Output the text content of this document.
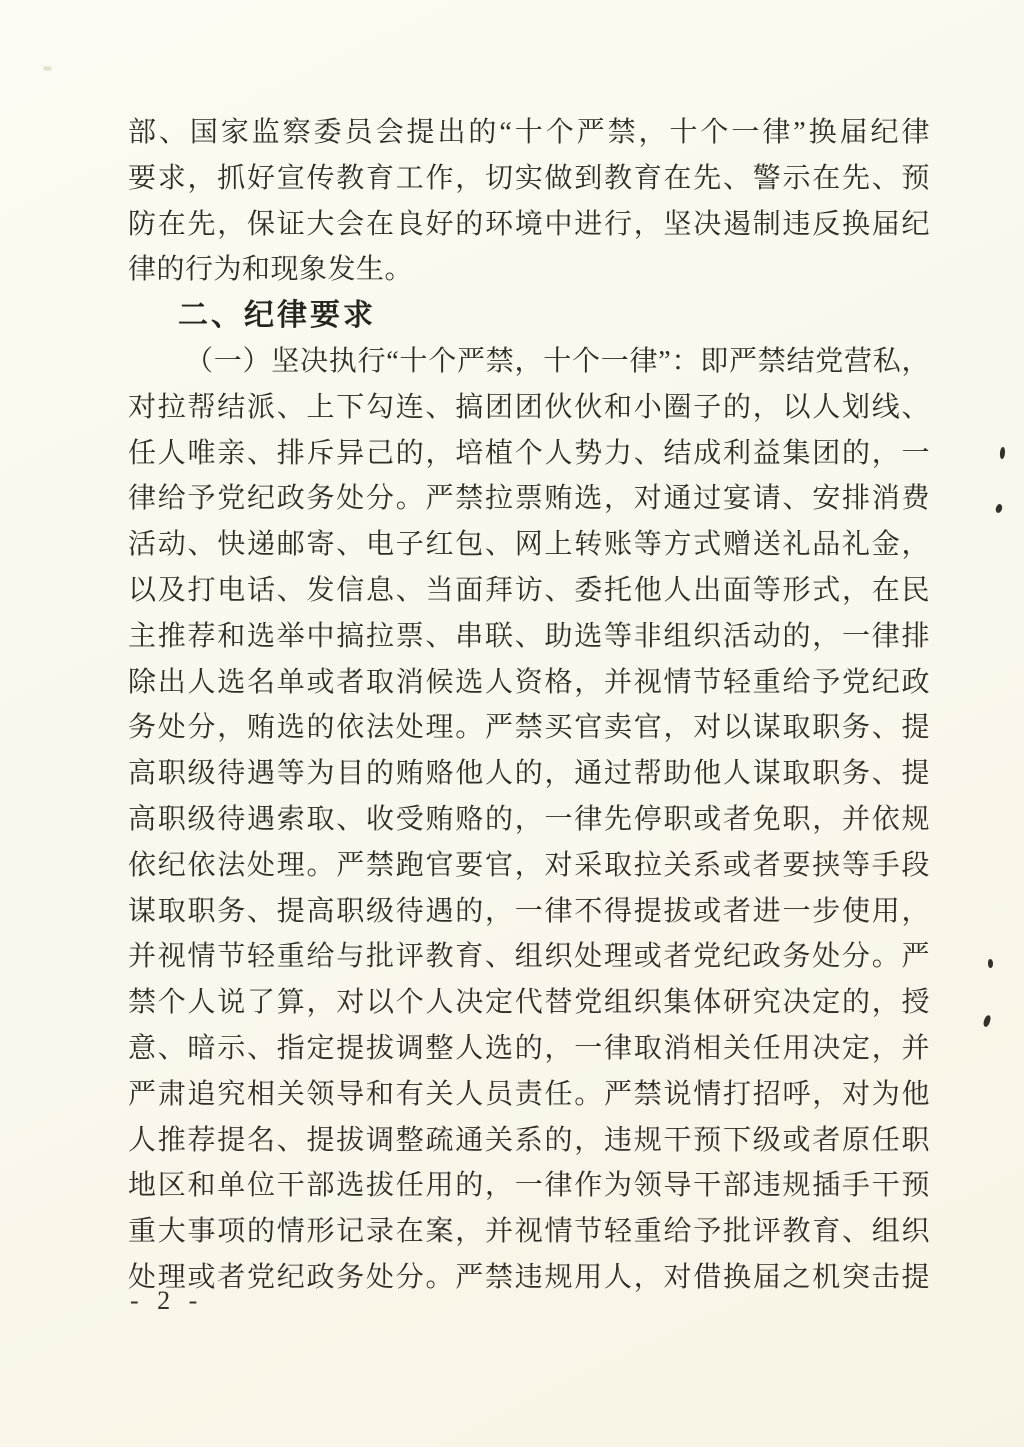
部、国家监察委员会提出的“十个严禁，十个一律”换届纪律
要求，抓好宣传教育工作，切实做到教育在先、警示在先、预
防在先，保证大会在良好的环境中进行，坚决遏制违反换届纪
律的行为和现象发生。
二、纪律要求
（一）坚决执行“十个严禁，十个一律”：即严禁结党营私，
对拉帮结派、上下勾连、搞团团伙伙和小圈子的，以人划线、
任人唯亲、排斥异己的，培植个人势力、结成利益集团的，一
律给予党纪政务处分。严禁拉票贿选，对通过宴请、安排消费
活动、快递邮寄、电子红包、网上转账等方式赠送礼品礼金，
以及打电话、发信息、当面拜访、委托他人出面等形式，在民
主推荐和选举中搞拉票、串联、助选等非组织活动的，一律排
除出人选名单或者取消候选人资格，并视情节轻重给予党纪政
务处分，贿选的依法处理。严禁买官卖官，对以谋取职务、提
高职级待遇等为目的贿赂他人的，通过帮助他人谋取职务、提
高职级待遇索取、收受贿赂的，一律先停职或者免职，并依规
依纪依法处理。严禁跑官要官，对采取拉关系或者要挟等手段
谋取职务、提高职级待遇的，一律不得提拔或者进一步使用，
并视情节轻重给与批评教育、组织处理或者党纪政务处分。严
禁个人说了算，对以个人决定代替党组织集体研究决定的，授
意、暗示、指定提拔调整人选的，一律取消相关任用决定，并
严肃追究相关领导和有关人员责任。严禁说情打招呼，对为他
人推荐提名、提拔调整疏通关系的，违规干预下级或者原任职
地区和单位干部选拔任用的，一律作为领导干部违规插手干预
重大事项的情形记录在案，并视情节轻重给予批评教育、组织
处理或者党纪政务处分。严禁违规用人，对借换届之机突击提
- 2 -
